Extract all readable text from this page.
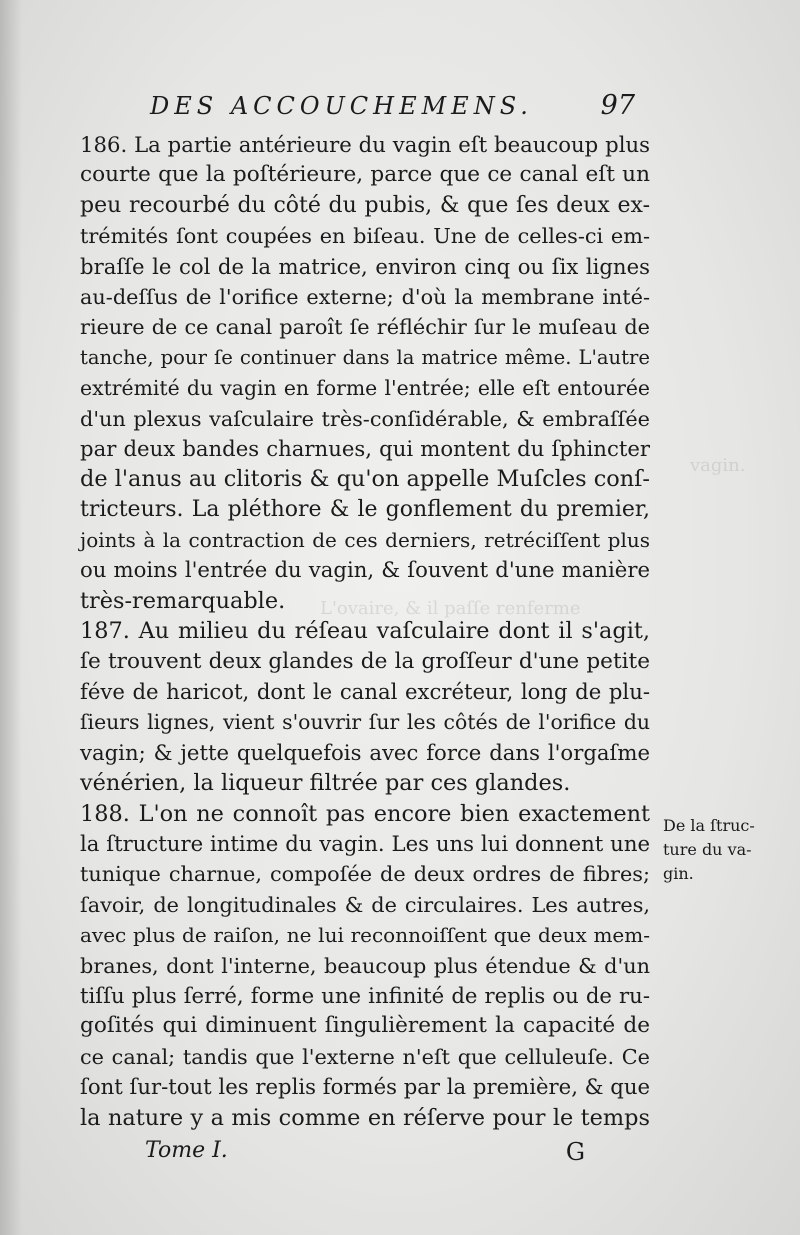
vagin.
L'ovaire, & il paſſe renferme
DES ACCOUCHEMENS.	97
186. La partie antérieure du vagin eſt beaucoup plus
courte que la poſtérieure, parce que ce canal eſt un
peu recourbé du côté du pubis, & que ſes deux ex-
trémités ſont coupées en biſeau. Une de celles-ci em-
braſſe le col de la matrice, environ cinq ou ſix lignes
au-deſſus de l'orifice externe; d'où la membrane inté-
rieure de ce canal paroît ſe réfléchir ſur le muſeau de
tanche, pour ſe continuer dans la matrice même. L'autre
extrémité du vagin en forme l'entrée; elle eſt entourée
d'un plexus vaſculaire très-conſidérable, & embraſſée
par deux bandes charnues, qui montent du ſphincter
de l'anus au clitoris & qu'on appelle Muſcles conſ-
tricteurs. La pléthore & le gonflement du premier,
joints à la contraction de ces derniers, retréciſſent plus
ou moins l'entrée du vagin, & ſouvent d'une manière
très-remarquable.
187. Au milieu du réſeau vaſculaire dont il s'agit,
ſe trouvent deux glandes de la groſſeur d'une petite
féve de haricot, dont le canal excréteur, long de plu-
ſieurs lignes, vient s'ouvrir ſur les côtés de l'orifice du
vagin; & jette quelquefois avec force dans l'orgaſme
vénérien, la liqueur filtrée par ces glandes.
188. L'on ne connoît pas encore bien exactement
la ſtructure intime du vagin. Les uns lui donnent une
tunique charnue, compoſée de deux ordres de fibres;
ſavoir, de longitudinales & de circulaires. Les autres,
avec plus de raiſon, ne lui reconnoiſſent que deux mem-
branes, dont l'interne, beaucoup plus étendue & d'un
tiſſu plus ſerré, forme une infinité de replis ou de ru-
goſités qui diminuent ſingulièrement la capacité de
ce canal; tandis que l'externe n'eſt que celluleuſe. Ce
ſont ſur-tout les replis formés par la première, & que
la nature y a mis comme en réſerve pour le temps
De la ſtruc-
ture du va-
gin.
Tome I.	G
